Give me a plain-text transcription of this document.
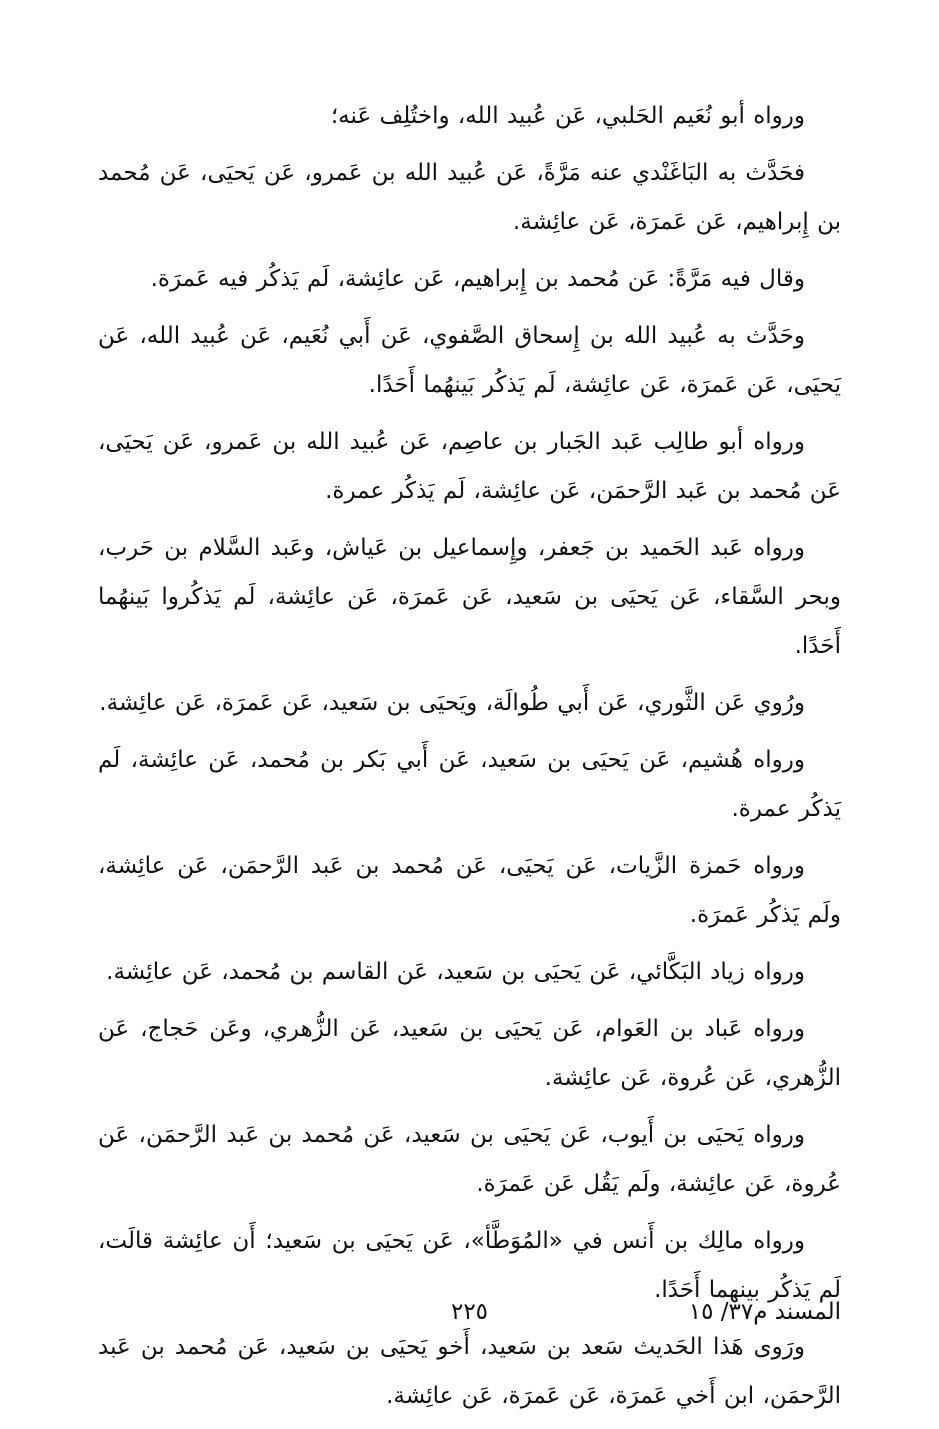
ورواه أبو نُعَيم الحَلبي، عَن عُبيد الله، واختُلِف عَنه؛

فحَدَّث به البَاغَنْدي عنه مَرَّةً، عَن عُبيد الله بن عَمرو، عَن يَحيَى، عَن مُحمد بن إِبراهيم، عَن عَمرَة، عَن عائِشة.

وقال فيه مَرَّةً: عَن مُحمد بن إِبراهيم، عَن عائِشة، لَم يَذكُر فيه عَمرَة.

وحَدَّث به عُبيد الله بن إِسحاق الصَّفوي، عَن أَبي نُعَيم، عَن عُبيد الله، عَن يَحيَى، عَن عَمرَة، عَن عائِشة، لَم يَذكُر بَينهُما أَحَدًا.

ورواه أبو طالِب عَبد الجَبار بن عاصِم، عَن عُبيد الله بن عَمرو، عَن يَحيَى، عَن مُحمد بن عَبد الرَّحمَن، عَن عائِشة، لَم يَذكُر عمرة.

ورواه عَبد الحَميد بن جَعفر، وإِسماعيل بن عَياش، وعَبد السَّلام بن حَرب، وبحر السَّقاء، عَن يَحيَى بن سَعيد، عَن عَمرَة، عَن عائِشة، لَم يَذكُروا بَينهُما أَحَدًا.

ورُوي عَن الثَّوري، عَن أَبي طُوالَة، ويَحيَى بن سَعيد، عَن عَمرَة، عَن عائِشة.

ورواه هُشيم، عَن يَحيَى بن سَعيد، عَن أَبي بَكر بن مُحمد، عَن عائِشة، لَم يَذكُر عمرة.

ورواه حَمزة الزَّيات، عَن يَحيَى، عَن مُحمد بن عَبد الرَّحمَن، عَن عائِشة، ولَم يَذكُر عَمرَة.

ورواه زياد البَكَّائي، عَن يَحيَى بن سَعيد، عَن القاسم بن مُحمد، عَن عائِشة.

ورواه عَباد بن العَوام، عَن يَحيَى بن سَعيد، عَن الزُّهري، وعَن حَجاج، عَن الزُّهري، عَن عُروة، عَن عائِشة.

ورواه يَحيَى بن أَيوب، عَن يَحيَى بن سَعيد، عَن مُحمد بن عَبد الرَّحمَن، عَن عُروة، عَن عائِشة، ولَم يَقُل عَن عَمرَة.

ورواه مالِك بن أَنس في «المُوَطَّأ»، عَن يَحيَى بن سَعيد؛ أَن عائِشة قالَت، لَم يَذكُر بينهما أَحَدًا.

ورَوى هَذا الحَديث سَعد بن سَعيد، أَخو يَحيَى بن سَعيد، عَن مُحمد بن عَبد الرَّحمَن، ابن أَخي عَمرَة، عَن عَمرَة، عَن عائِشة.

المسند م٣٧/ ١٥
٢٢٥
